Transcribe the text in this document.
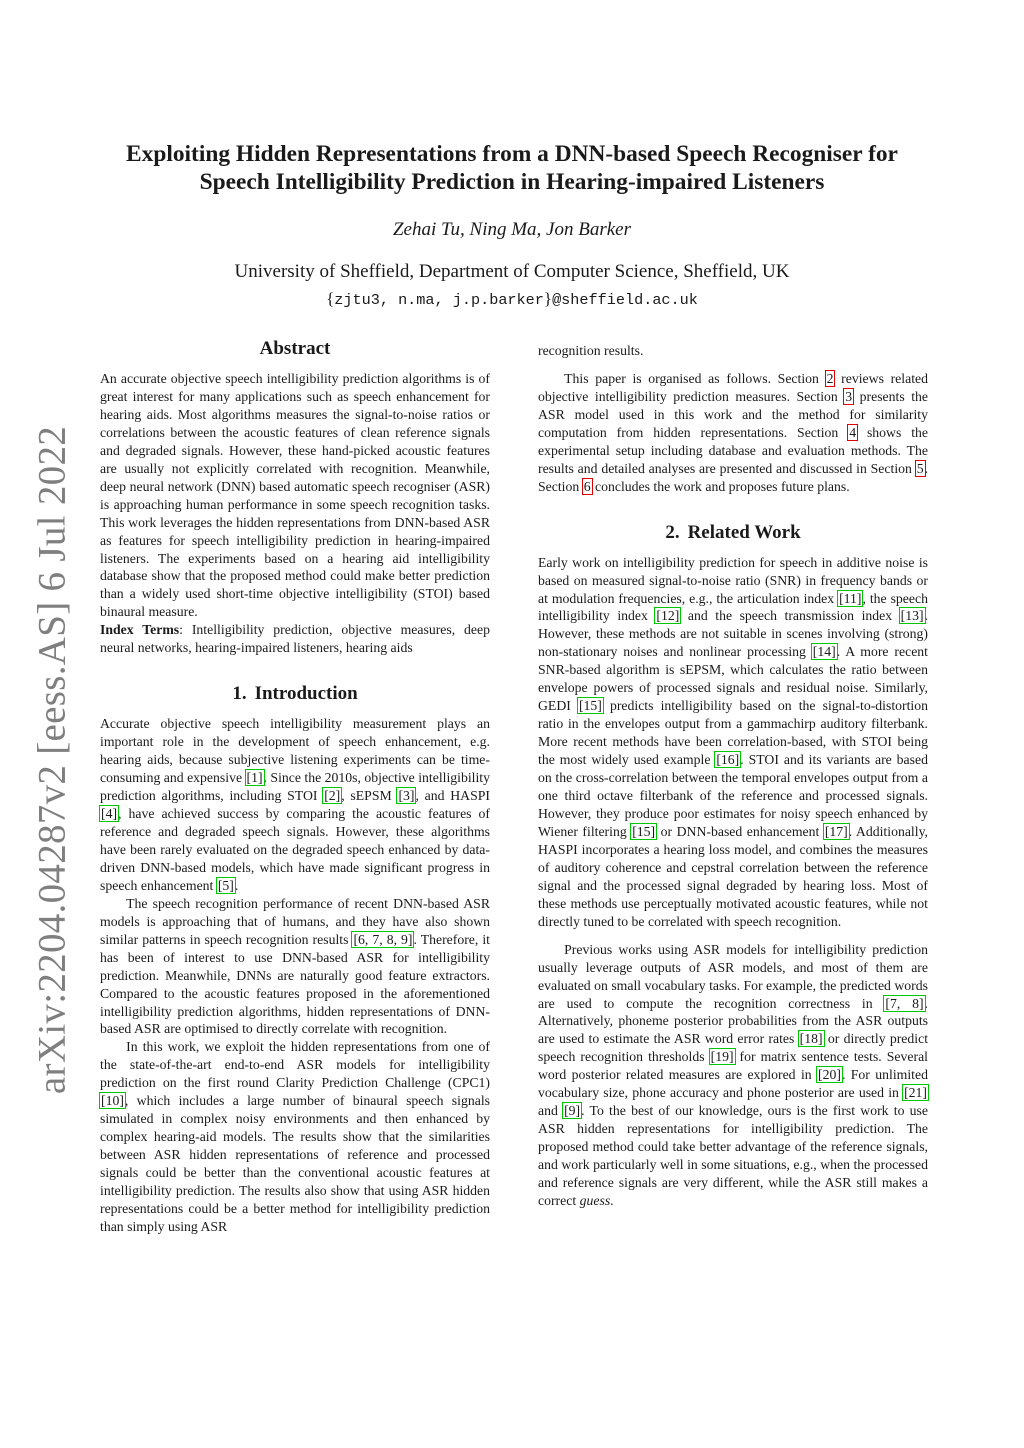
arXiv:2204.04287v2 [eess.AS] 6 Jul 2022
Exploiting Hidden Representations from a DNN-based Speech Recogniser for
Speech Intelligibility Prediction in Hearing-impaired Listeners
Zehai Tu, Ning Ma, Jon Barker
University of Sheffield, Department of Computer Science, Sheffield, UK
{zjtu3, n.ma, j.p.barker}@sheffield.ac.uk
Abstract

An accurate objective speech intelligibility prediction algorithms is of great interest for many applications such as speech enhancement for hearing aids. Most algorithms measures the signal-to-noise ratios or correlations between the acoustic features of clean reference signals and degraded signals. However, these hand-picked acoustic features are usually not explicitly correlated with recognition. Meanwhile, deep neural network (DNN) based automatic speech recogniser (ASR) is approaching human performance in some speech recognition tasks. This work leverages the hidden representations from DNN-based ASR as features for speech intelligibility prediction in hearing-impaired listeners. The experiments based on a hearing aid intelligibility database show that the proposed method could make better prediction than a widely used short-time objective intelligibility (STOI) based binaural measure.
Index Terms: Intelligibility prediction, objective measures, deep neural networks, hearing-impaired listeners, hearing aids

1. Introduction

Accurate objective speech intelligibility measurement plays an important role in the development of speech enhancement, e.g. hearing aids, because subjective listening experiments can be time-consuming and expensive [1]. Since the 2010s, objective intelligibility prediction algorithms, including STOI [2], sEPSM [3], and HASPI [4], have achieved success by comparing the acoustic features of reference and degraded speech signals. However, these algorithms have been rarely evaluated on the degraded speech enhanced by data-driven DNN-based models, which have made significant progress in speech enhancement [5].

The speech recognition performance of recent DNN-based ASR models is approaching that of humans, and they have also shown similar patterns in speech recognition results [6, 7, 8, 9]. Therefore, it has been of interest to use DNN-based ASR for intelligibility prediction. Meanwhile, DNNs are naturally good feature extractors. Compared to the acoustic features proposed in the aforementioned intelligibility prediction algorithms, hidden representations of DNN-based ASR are optimised to directly correlate with recognition.

In this work, we exploit the hidden representations from one of the state-of-the-art end-to-end ASR models for intelligibility prediction on the first round Clarity Prediction Challenge (CPC1) [10], which includes a large number of binaural speech signals simulated in complex noisy environments and then enhanced by complex hearing-aid models. The results show that the similarities between ASR hidden representations of reference and processed signals could be better than the conventional acoustic features at intelligibility prediction. The results also show that using ASR hidden representations could be a better method for intelligibility prediction than simply using ASR

recognition results.

This paper is organised as follows. Section 2 reviews related objective intelligibility prediction measures. Section 3 presents the ASR model used in this work and the method for similarity computation from hidden representations. Section 4 shows the experimental setup including database and evaluation methods. The results and detailed analyses are presented and discussed in Section 5. Section 6 concludes the work and proposes future plans.

2. Related Work

Early work on intelligibility prediction for speech in additive noise is based on measured signal-to-noise ratio (SNR) in frequency bands or at modulation frequencies, e.g., the articulation index [11], the speech intelligibility index [12] and the speech transmission index [13]. However, these methods are not suitable in scenes involving (strong) non-stationary noises and nonlinear processing [14]. A more recent SNR-based algorithm is sEPSM, which calculates the ratio between envelope powers of processed signals and residual noise. Similarly, GEDI [15] predicts intelligibility based on the signal-to-distortion ratio in the envelopes output from a gammachirp auditory filterbank. More recent methods have been correlation-based, with STOI being the most widely used example [16]. STOI and its variants are based on the cross-correlation between the temporal envelopes output from a one third octave filterbank of the reference and processed signals. However, they produce poor estimates for noisy speech enhanced by Wiener filtering [15] or DNN-based enhancement [17]. Additionally, HASPI incorporates a hearing loss model, and combines the measures of auditory coherence and cepstral correlation between the reference signal and the processed signal degraded by hearing loss. Most of these methods use perceptually motivated acoustic features, while not directly tuned to be correlated with speech recognition.

Previous works using ASR models for intelligibility prediction usually leverage outputs of ASR models, and most of them are evaluated on small vocabulary tasks. For example, the predicted words are used to compute the recognition correctness in [7, 8]. Alternatively, phoneme posterior probabilities from the ASR outputs are used to estimate the ASR word error rates [18] or directly predict speech recognition thresholds [19] for matrix sentence tests. Several word posterior related measures are explored in [20]. For unlimited vocabulary size, phone accuracy and phone posterior are used in [21] and [9]. To the best of our knowledge, ours is the first work to use ASR hidden representations for intelligibility prediction. The proposed method could take better advantage of the reference signals, and work particularly well in some situations, e.g., when the processed and reference signals are very different, while the ASR still makes a correct guess.
